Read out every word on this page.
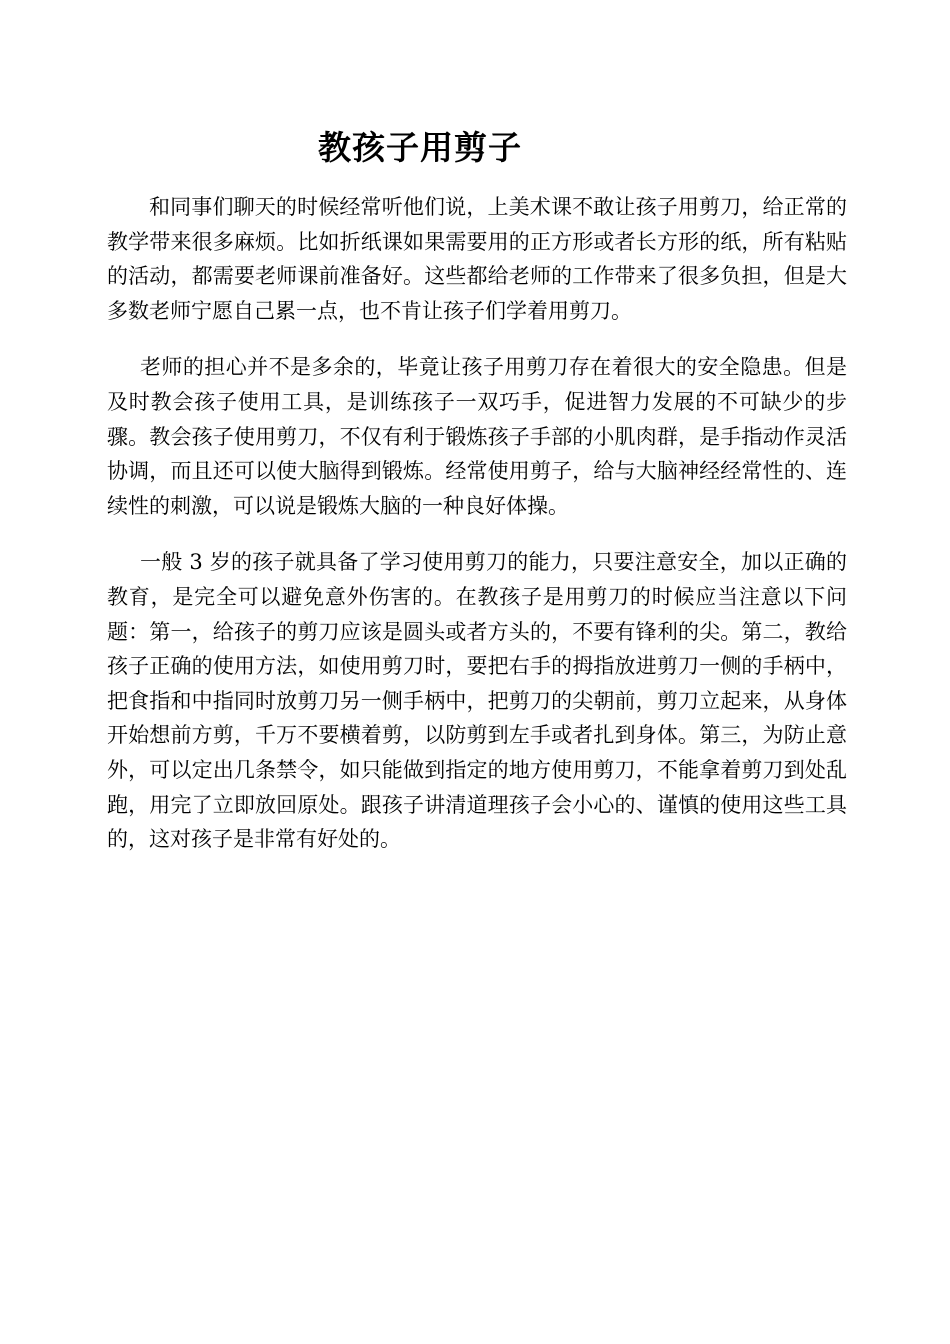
教孩子用剪子

和同事们聊天的时候经常听他们说，上美术课不敢让孩子用剪刀，给正常的教学带来很多麻烦。比如折纸课如果需要用的正方形或者长方形的纸，所有粘贴的活动，都需要老师课前准备好。这些都给老师的工作带来了很多负担，但是大多数老师宁愿自己累一点，也不肯让孩子们学着用剪刀。

老师的担心并不是多余的，毕竟让孩子用剪刀存在着很大的安全隐患。但是及时教会孩子使用工具，是训练孩子一双巧手，促进智力发展的不可缺少的步骤。教会孩子使用剪刀，不仅有利于锻炼孩子手部的小肌肉群，是手指动作灵活协调，而且还可以使大脑得到锻炼。经常使用剪子，给与大脑神经经常性的、连续性的刺激，可以说是锻炼大脑的一种良好体操。

一般 3 岁的孩子就具备了学习使用剪刀的能力，只要注意安全，加以正确的教育，是完全可以避免意外伤害的。在教孩子是用剪刀的时候应当注意以下问题：第一，给孩子的剪刀应该是圆头或者方头的，不要有锋利的尖。第二，教给孩子正确的使用方法，如使用剪刀时，要把右手的拇指放进剪刀一侧的手柄中，把食指和中指同时放剪刀另一侧手柄中，把剪刀的尖朝前，剪刀立起来，从身体开始想前方剪，千万不要横着剪，以防剪到左手或者扎到身体。第三，为防止意外，可以定出几条禁令，如只能做到指定的地方使用剪刀，不能拿着剪刀到处乱跑，用完了立即放回原处。跟孩子讲清道理孩子会小心的、谨慎的使用这些工具的，这对孩子是非常有好处的。
